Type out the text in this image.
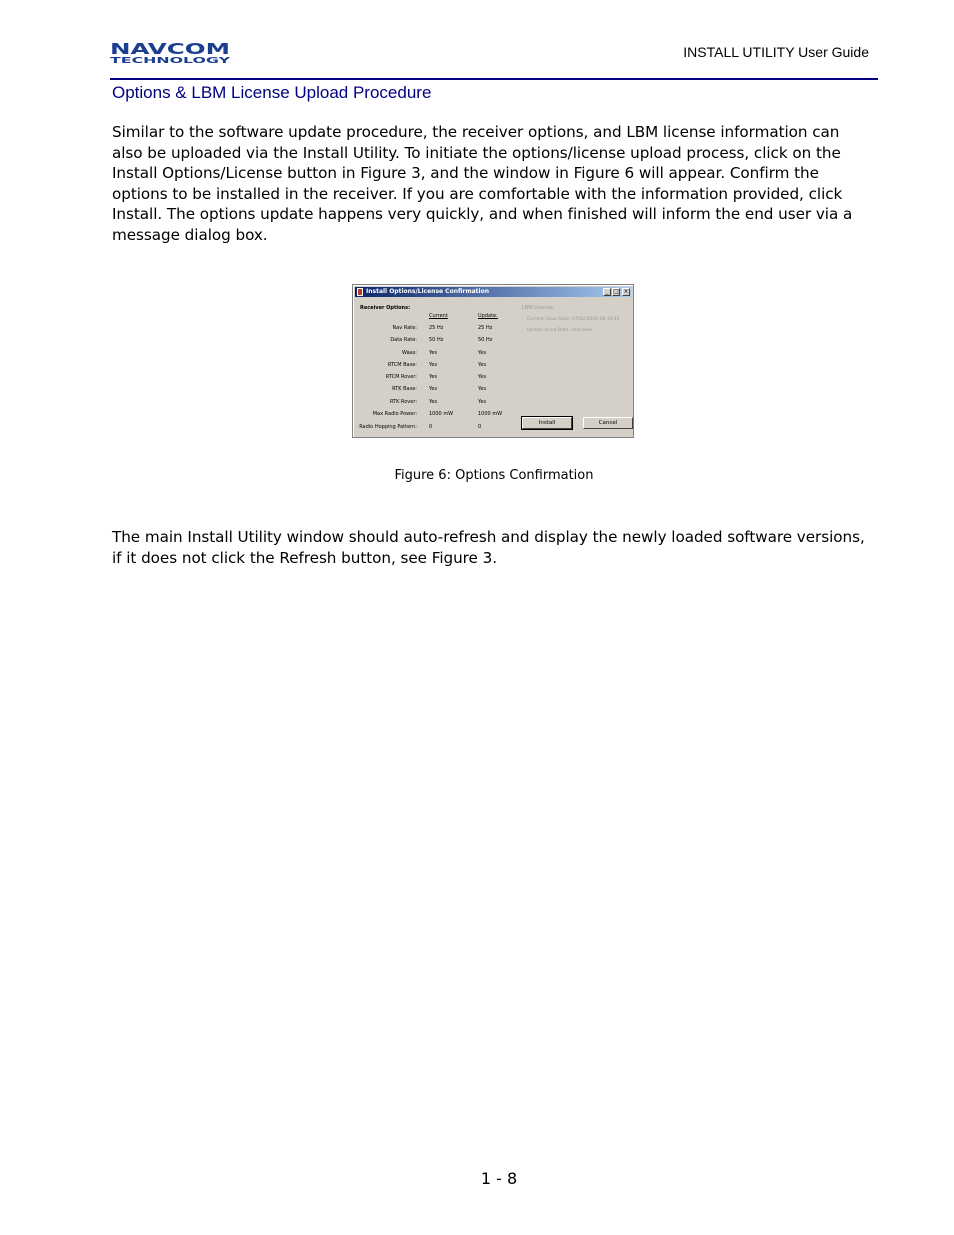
NAVCOM
TECHNOLOGY
INSTALL UTILITY User Guide
Options & LBM License Upload Procedure
Similar to the software update procedure, the receiver options, and LBM license information can
also be uploaded via the Install Utility. To initiate the options/license upload process, click on the
Install Options/License button in Figure 3, and the window in Figure 6 will appear. Confirm the
options to be installed in the receiver. If you are comfortable with the information provided, click
Install. The options update happens very quickly, and when finished will inform the end user via a
message dialog box.
Install Options/License Confirmation	_ □ ×
Receiver Options:
Current	Update:
Nav Rate: 25 Hz	25 Hz
Data Rate: 50 Hz	50 Hz
Waas: Yes	Yes
RTCM Base: Yes	Yes
RTCM Rover: Yes	Yes
RTK Base: Yes	Yes
RTK Rover: Yes	Yes
Max Radio Power: 1000 mW	1000 mW
Radio Hopping Pattern: 0	0
LBM License:
Current Issue Date: 07/02/2008 08:19:12
Update Issue Date: Unknown
Install	Cancel
Figure 6: Options Confirmation
The main Install Utility window should auto-refresh and display the newly loaded software versions,
if it does not click the Refresh button, see Figure 3.
1 - 8
